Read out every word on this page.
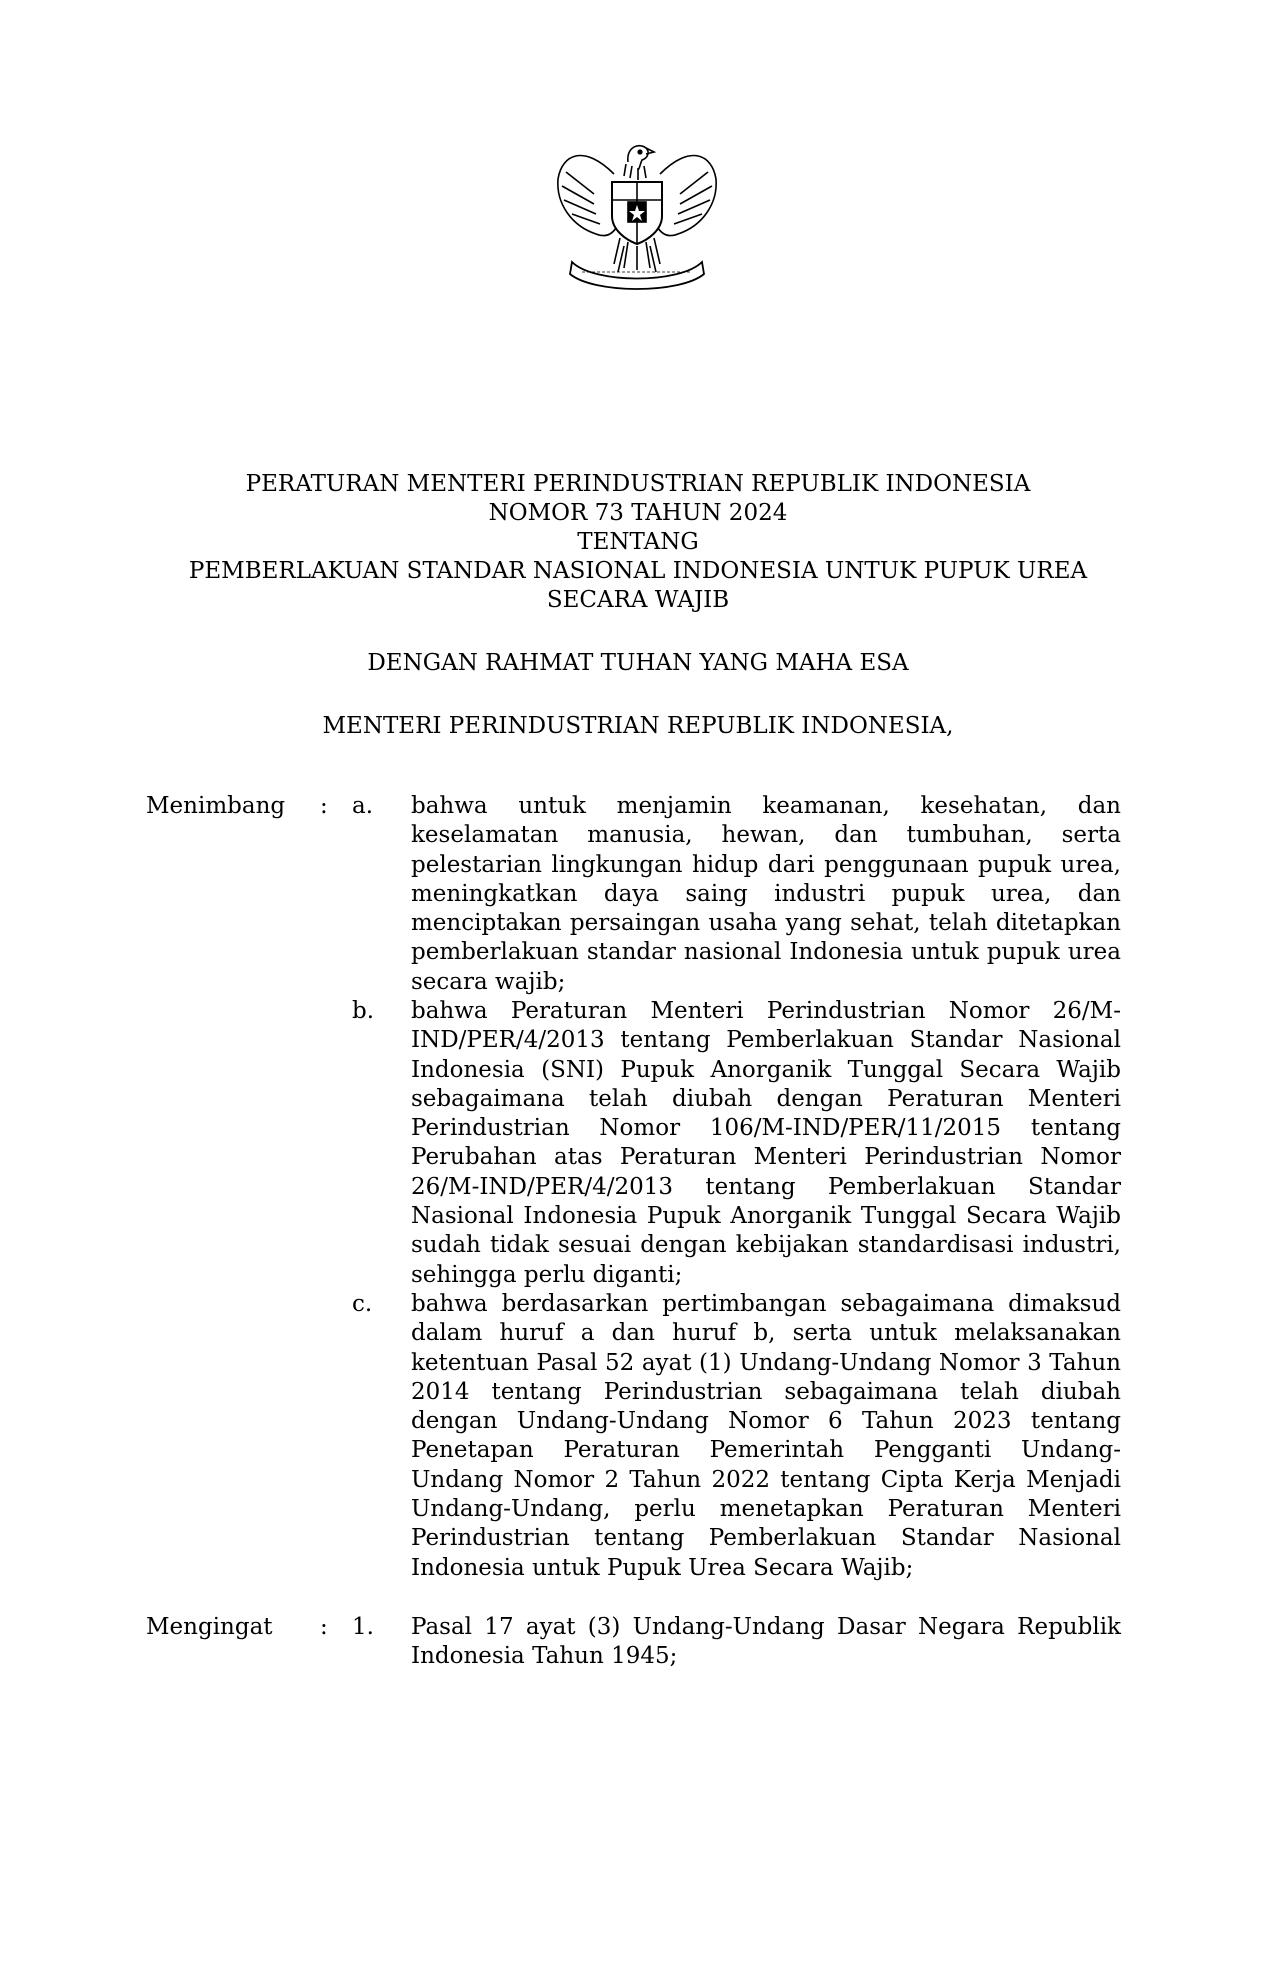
PERATURAN MENTERI PERINDUSTRIAN REPUBLIK INDONESIA
NOMOR 73 TAHUN 2024
TENTANG
PEMBERLAKUAN STANDAR NASIONAL INDONESIA UNTUK PUPUK UREA
SECARA WAJIB
DENGAN RAHMAT TUHAN YANG MAHA ESA
MENTERI PERINDUSTRIAN REPUBLIK INDONESIA,
Menimbang : a. bahwa untuk menjamin keamanan, kesehatan, dan keselamatan manusia, hewan, dan tumbuhan, serta pelestarian lingkungan hidup dari penggunaan pupuk urea, meningkatkan daya saing industri pupuk urea, dan menciptakan persaingan usaha yang sehat, telah ditetapkan pemberlakuan standar nasional Indonesia untuk pupuk urea secara wajib;
b. bahwa Peraturan Menteri Perindustrian Nomor 26/M-IND/PER/4/2013 tentang Pemberlakuan Standar Nasional Indonesia (SNI) Pupuk Anorganik Tunggal Secara Wajib sebagaimana telah diubah dengan Peraturan Menteri Perindustrian Nomor 106/M-IND/PER/11/2015 tentang Perubahan atas Peraturan Menteri Perindustrian Nomor 26/M-IND/PER/4/2013 tentang Pemberlakuan Standar Nasional Indonesia Pupuk Anorganik Tunggal Secara Wajib sudah tidak sesuai dengan kebijakan standardisasi industri, sehingga perlu diganti;
c. bahwa berdasarkan pertimbangan sebagaimana dimaksud dalam huruf a dan huruf b, serta untuk melaksanakan ketentuan Pasal 52 ayat (1) Undang-Undang Nomor 3 Tahun 2014 tentang Perindustrian sebagaimana telah diubah dengan Undang-Undang Nomor 6 Tahun 2023 tentang Penetapan Peraturan Pemerintah Pengganti Undang-Undang Nomor 2 Tahun 2022 tentang Cipta Kerja Menjadi Undang-Undang, perlu menetapkan Peraturan Menteri Perindustrian tentang Pemberlakuan Standar Nasional Indonesia untuk Pupuk Urea Secara Wajib;
Mengingat : 1. Pasal 17 ayat (3) Undang-Undang Dasar Negara Republik Indonesia Tahun 1945;
